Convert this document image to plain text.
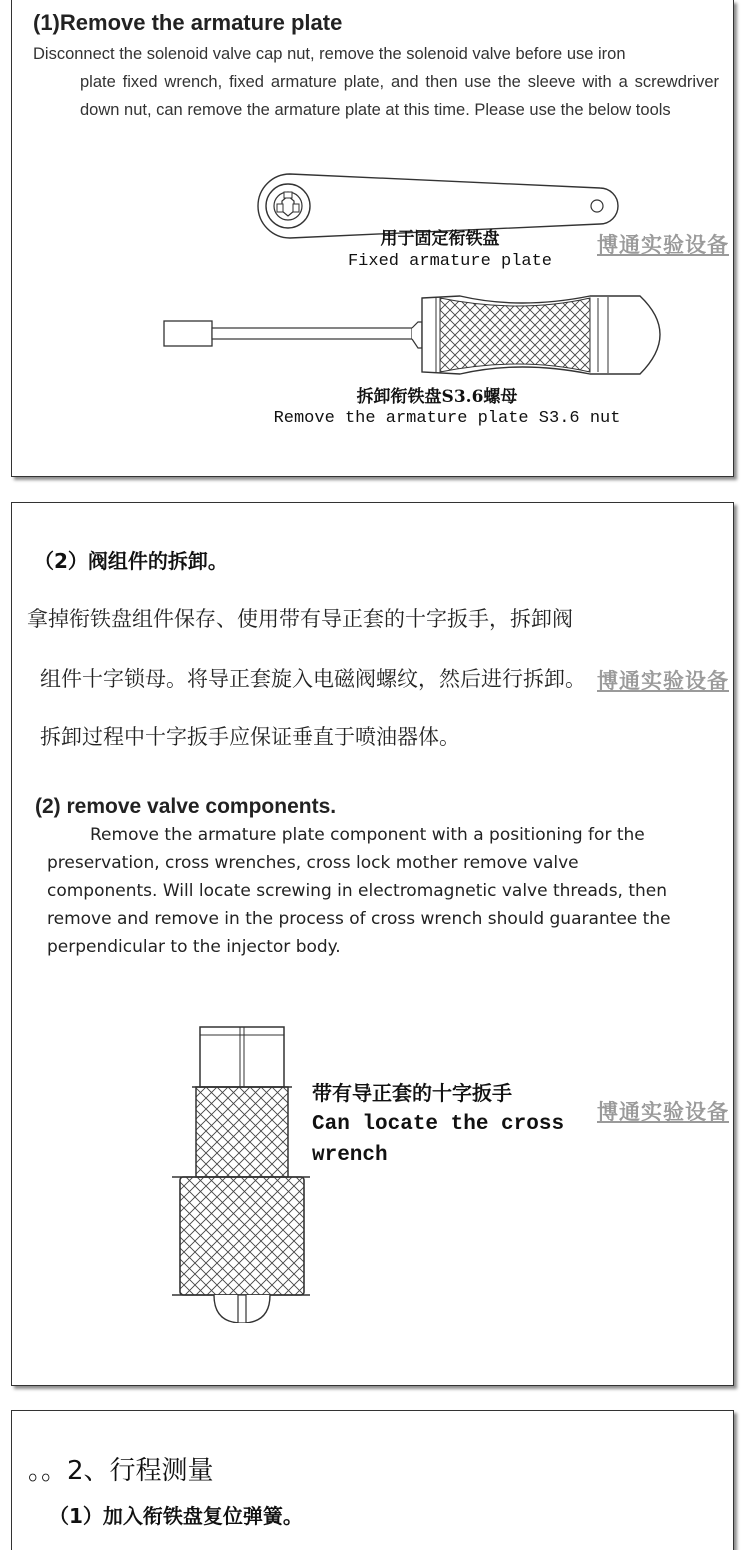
(1)Remove the armature plate
Disconnect the solenoid valve cap nut, remove the solenoid valve before use iron
plate fixed wrench, fixed armature plate, and then use the sleeve with a screwdriver down nut, can remove the armature plate at this time. Please use the below tools
用于固定衔铁盘
Fixed armature plate
博通实验设备
拆卸衔铁盘S3.6螺母
Remove the armature plate S3.6 nut
（2）阀组件的拆卸。
拿掉衔铁盘组件保存、使用带有导正套的十字扳手，拆卸阀
组件十字锁母。将导正套旋入电磁阀螺纹，然后进行拆卸。 博通实验设备
拆卸过程中十字扳手应保证垂直于喷油器体。
(2) remove valve components.
Remove the armature plate component with a positioning for the
preservation, cross wrenches, cross lock mother remove valve
components. Will locate screwing in electromagnetic valve threads, then
remove and remove in the process of cross wrench should guarantee the
perpendicular to the injector body.
带有导正套的十字扳手
Can locate the cross
wrench
博通实验设备
。。2、行程测量
（1）加入衔铁盘复位弹簧。
